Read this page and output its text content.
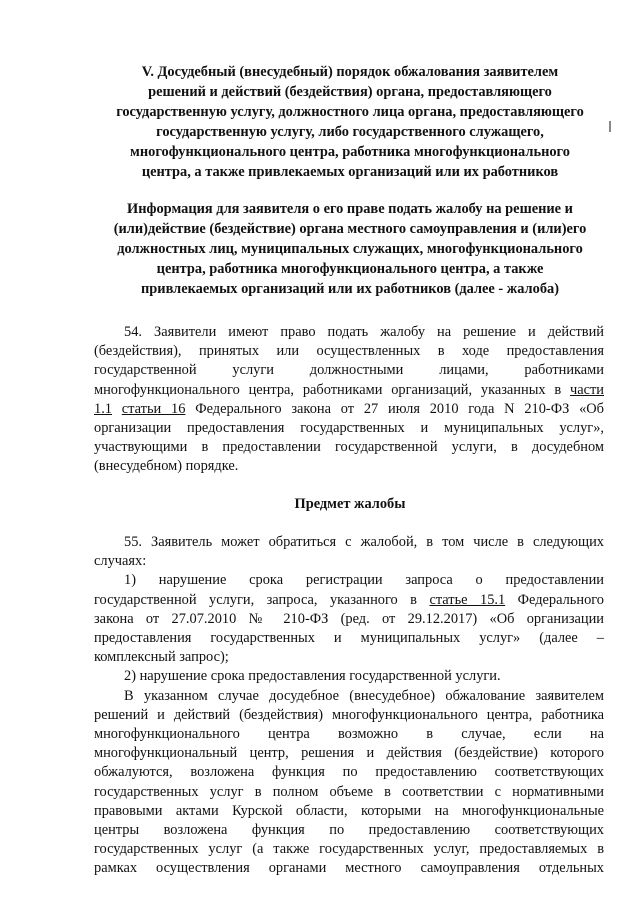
V. Досудебный (внесудебный) порядок обжалования заявителем
решений и действий (бездействия) органа, предоставляющего
государственную услугу, должностного лица органа, предоставляющего
государственную услугу, либо государственного служащего,
многофункционального центра, работника многофункционального
центра, а также привлекаемых организаций или их работников
Информация для заявителя о его праве подать жалобу на решение и
(или)действие (бездействие) органа местного самоуправления и (или)его
должностных лиц, муниципальных служащих, многофункционального
центра, работника многофункционального центра, а также
привлекаемых организаций или их работников (далее - жалоба)
54. Заявители имеют право подать жалобу на решение и действий
(бездействия), принятых или осуществленных в ходе предоставления
государственной услуги должностными лицами, работниками
многофункционального центра, работниками организаций, указанных в части
1.1 статьи 16 Федерального закона от 27 июля 2010 года N 210-ФЗ «Об
организации предоставления государственных и муниципальных услуг»,
участвующими в предоставлении государственной услуги, в досудебном
(внесудебном) порядке.
Предмет жалобы
55. Заявитель может обратиться с жалобой, в том числе в следующих
случаях:
1) нарушение срока регистрации запроса о предоставлении
государственной услуги, запроса, указанного в статье 15.1 Федерального
закона от 27.07.2010 № 210-ФЗ (ред. от 29.12.2017) «Об организации
предоставления государственных и муниципальных услуг» (далее –
комплексный запрос);
2) нарушение срока предоставления государственной услуги.
В указанном случае досудебное (внесудебное) обжалование заявителем
решений и действий (бездействия) многофункционального центра, работника
многофункционального центра возможно в случае, если на
многофункциональный центр, решения и действия (бездействие) которого
обжалуются, возложена функция по предоставлению соответствующих
государственных услуг в полном объеме в соответствии с нормативными
правовыми актами Курской области, которыми на многофункциональные
центры возложена функция по предоставлению соответствующих
государственных услуг (а также государственных услуг, предоставляемых в
рамках осуществления органами местного самоуправления отдельных
